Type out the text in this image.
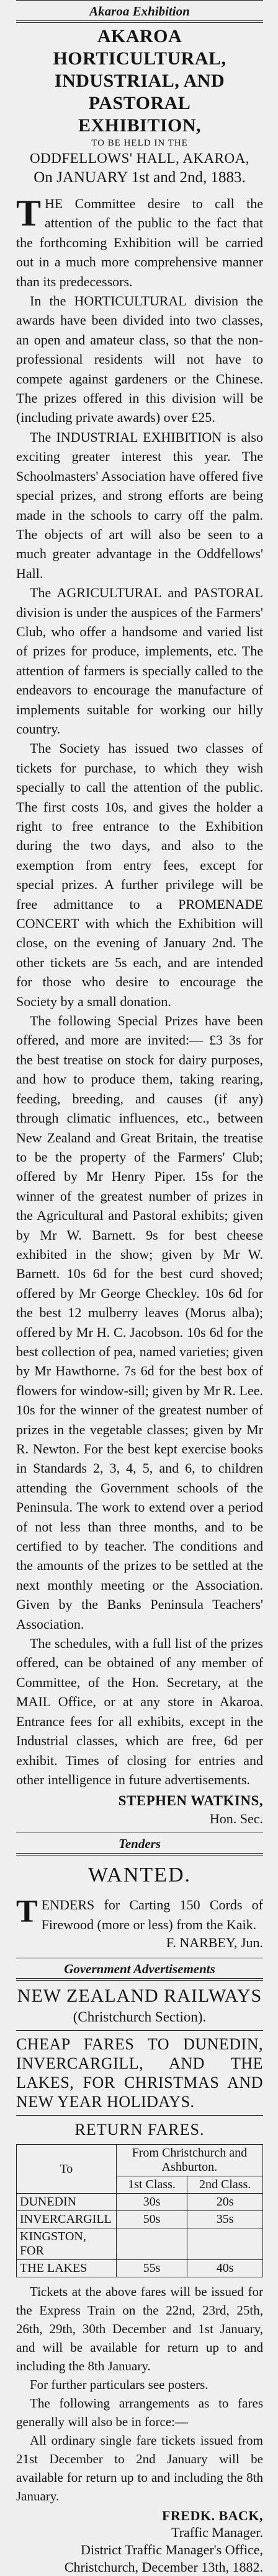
Akaroa Exhibition
AKAROA HORTICULTURAL,
INDUSTRIAL, AND PASTORAL
EXHIBITION,
TO BE HELD IN THE
ODDFELLOWS' HALL, AKAROA,
On JANUARY 1st and 2nd, 1883.

THE Committee desire to call the attention of the public to the fact that the forthcoming Exhibition will be carried out in a much more comprehensive manner than its predecessors.

In the HORTICULTURAL division the awards have been divided into two classes, an open and amateur class, so that the non-professional residents will not have to compete against gardeners or the Chinese. The prizes offered in this division will be (including private awards) over £25.

The INDUSTRIAL EXHIBITION is also exciting greater interest this year. The Schoolmasters' Association have offered five special prizes, and strong efforts are being made in the schools to carry off the palm. The objects of art will also be seen to a much greater advantage in the Oddfellows' Hall.

The AGRICULTURAL and PASTORAL division is under the auspices of the Farmers' Club, who offer a handsome and varied list of prizes for produce, implements, etc. The attention of farmers is specially called to the endeavors to encourage the manufacture of implements suitable for working our hilly country.

The Society has issued two classes of tickets for purchase, to which they wish specially to call the attention of the public. The first costs 10s, and gives the holder a right to free entrance to the Exhibition during the two days, and also to the exemption from entry fees, except for special prizes. A further privilege will be free admittance to a PROMENADE CONCERT with which the Exhibition will close, on the evening of January 2nd. The other tickets are 5s each, and are intended for those who desire to encourage the Society by a small donation.

The following Special Prizes have been offered, and more are invited:— £3 3s for the best treatise on stock for dairy purposes, and how to produce them, taking rearing, feeding, breeding, and causes (if any) through climatic influences, etc., between New Zealand and Great Britain, the treatise to be the property of the Farmers' Club; offered by Mr Henry Piper. 15s for the winner of the greatest number of prizes in the Agricultural and Pastoral exhibits; given by Mr W. Barnett. 9s for best cheese exhibited in the show; given by Mr W. Barnett. 10s 6d for the best curd shoved; offered by Mr George Checkley. 10s 6d for the best 12 mulberry leaves (Morus alba); offered by Mr H. C. Jacobson. 10s 6d for the best collection of pea, named varieties; given by Mr Hawthorne. 7s 6d for the best box of flowers for window-sill; given by Mr R. Lee. 10s for the winner of the greatest number of prizes in the vegetable classes; given by Mr R. Newton. For the best kept exercise books in Standards 2, 3, 4, 5, and 6, to children attending the Government schools of the Peninsula. The work to extend over a period of not less than three months, and to be certified to by teacher. The conditions and the amounts of the prizes to be settled at the next monthly meeting or the Association. Given by the Banks Peninsula Teachers' Association.

The schedules, with a full list of the prizes offered, can be obtained of any member of Committee, of the Hon. Secretary, at the MAIL Office, or at any store in Akaroa. Entrance fees for all exhibits, except in the Industrial classes, which are free, 6d per exhibit. Times of closing for entries and other intelligence in future advertisements.

STEPHEN WATKINS,
Hon. Sec.
Tenders
WANTED.

TENDERS for Carting 150 Cords of Firewood (more or less) from the Kaik.

F. NARBEY, Jun.
Government Advertisements
NEW ZEALAND RAILWAYS
(Christchurch Section).
CHEAP FARES TO DUNEDIN, INVERCARGILL, AND THE LAKES, FOR CHRISTMAS AND NEW YEAR HOLIDAYS.
RETURN FARES.
To	From Christchurch and Ashburton.	
	1st Class.	2nd Class.
DUNEDIN	30s	20s
INVERCARGILL	50s	35s
KINGSTON, FOR		
THE LAKES	55s	40s

Tickets at the above fares will be issued for the Express Train on the 22nd, 23rd, 25th, 26th, 29th, 30th December and 1st January, and will be available for return up to and including the 8th January.

For further particulars see posters.

The following arrangements as to fares generally will also be in force:—

All ordinary single fare tickets issued from 21st December to 2nd January will be available for return up to and including the 8th January.

FREDK. BACK,
Traffic Manager.
District Traffic Manager's Office,
Christchurch, December 13th, 1882.
